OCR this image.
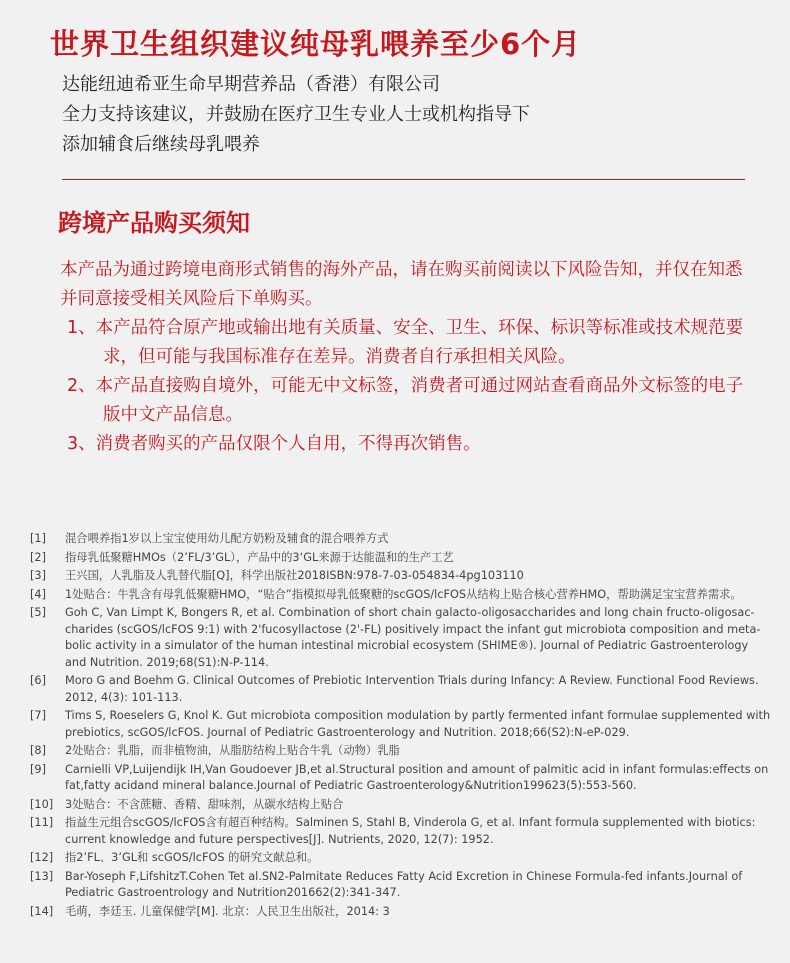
世界卫生组织建议纯母乳喂养至少6个月
达能纽迪希亚生命早期营养品（香港）有限公司
全力支持该建议，并鼓励在医疗卫生专业人士或机构指导下
添加辅食后继续母乳喂养
跨境产品购买须知

本产品为通过跨境电商形式销售的海外产品，请在购买前阅读以下风险告知，并仅在知悉并同意接受相关风险后下单购买。

1、本产品符合原产地或输出地有关质量、安全、卫生、环保、标识等标准或技术规范要求，但可能与我国标准存在差异。消费者自行承担相关风险。

2、本产品直接购自境外，可能无中文标签，消费者可通过网站查看商品外文标签的电子版中文产品信息。

3、消费者购买的产品仅限个人自用，不得再次销售。

[1]	混合喂养指1岁以上宝宝使用幼儿配方奶粉及辅食的混合喂养方式
[2]	指母乳低聚糖HMOs（2’FL/3’GL），产品中的3‘GL来源于达能温和的生产工艺
[3]	王兴国，人乳脂及人乳替代脂[Q]，科学出版社2018ISBN:978-7-03-054834-4pg103110
[4]	1处贴合：牛乳含有母乳低聚糖HMO，“贴合”指模拟母乳低聚糖的scGOS/lcFOS从结构上贴合核心营养HMO，帮助满足宝宝营养需求。
[5]	Goh C, Van Limpt K, Bongers R, et al. Combination of short chain galacto-oligosaccharides and long chain fructo-oligosac-charides (scGOS/lcFOS 9:1) with 2'fucosyllactose (2'-FL) positively impact the infant gut microbiota composition and meta-bolic activity in a simulator of the human intestinal microbial ecosystem (SHIME®). Journal of Pediatric Gastroenterology and Nutrition. 2019;68(S1):N-P-114.
[6]	Moro G and Boehm G. Clinical Outcomes of Prebiotic Intervention Trials during Infancy: A Review. Functional Food Reviews. 2012, 4(3): 101-113.
[7]	Tims S, Roeselers G, Knol K. Gut microbiota composition modulation by partly fermented infant formulae supplemented with prebiotics, scGOS/lcFOS. Journal of Pediatric Gastroenterology and Nutrition. 2018;66(S2):N-eP-029.
[8]	2处贴合：乳脂，而非植物油，从脂肪结构上贴合牛乳（动物）乳脂
[9]	Carnielli VP,Luijendijk IH,Van Goudoever JB,et al.Structural position and amount of palmitic acid in infant formulas:effects on fat,fatty acidand mineral balance.Journal of Pediatric Gastroenterology&Nutrition199623(5):553-560.
[10]	3处贴合：不含蔗糖、香精、甜味剂，从碳水结构上贴合
[11]	指益生元组合scGOS/lcFOS含有超百种结构。Salminen S, Stahl B, Vinderola G, et al. Infant formula supplemented with biotics: current knowledge and future perspectives[J]. Nutrients, 2020, 12(7): 1952.
[12]	指2’FL、3’GL和 scGOS/lcFOS 的研究文献总和。
[13]	Bar-Yoseph F,LifshitzT.Cohen Tet al.SN2-Palmitate Reduces Fatty Acid Excretion in Chinese Formula-fed infants.Journal of Pediatric Gastroentrology and Nutrition201662(2):341-347.
[14]	毛萌，李廷玉. 儿童保健学[M]. 北京：人民卫生出版社，2014: 3
